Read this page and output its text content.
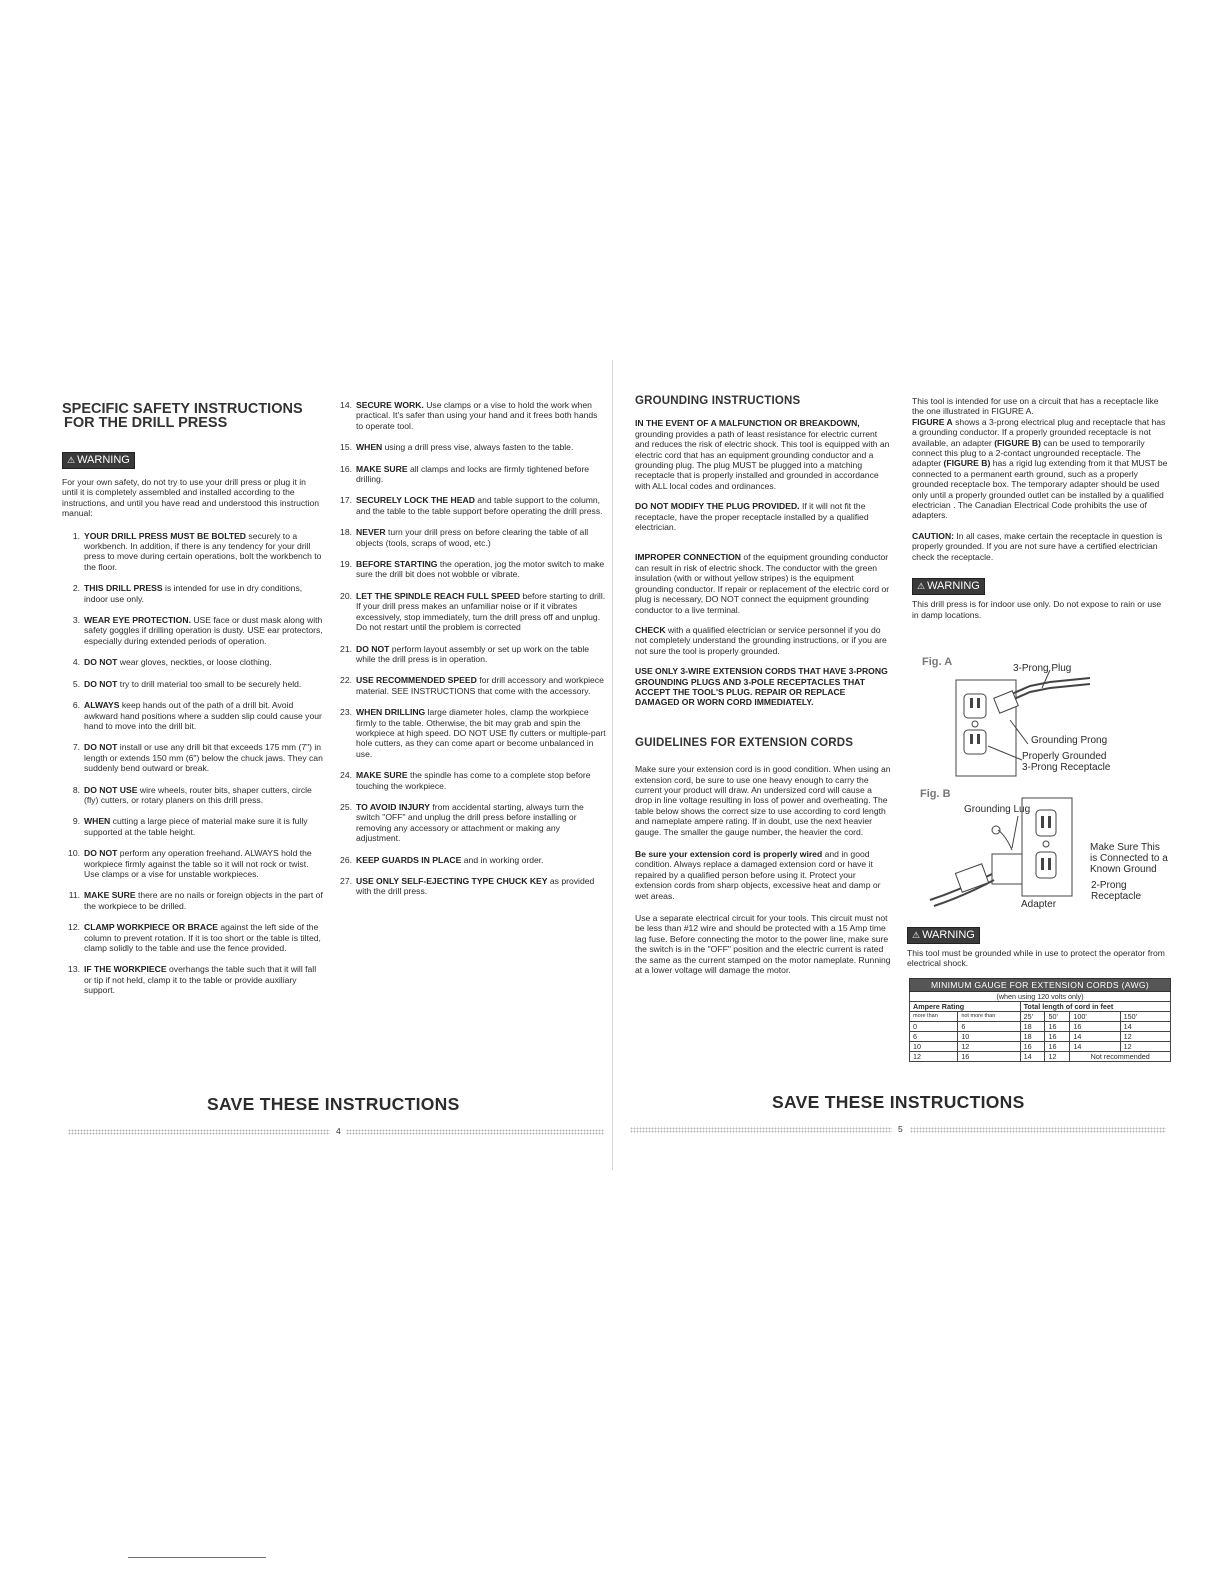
SPECIFIC SAFETY INSTRUCTIONS
FOR THE DRILL PRESS
⚠ WARNING

For your own safety, do not try to use your drill press or plug it in until it is completely assembled and installed according to the instructions, and until you have read and understood this instruction manual:

1. YOUR DRILL PRESS MUST BE BOLTED securely to a workbench. In addition, if there is any tendency for your drill press to move during certain operations, bolt the workbench to the floor.
2. THIS DRILL PRESS is intended for use in dry conditions, indoor use only.
3. WEAR EYE PROTECTION. USE face or dust mask along with safety goggles if drilling operation is dusty. USE ear protectors, especially during extended periods of operation.
4. DO NOT wear gloves, neckties, or loose clothing.
5. DO NOT try to drill material too small to be securely held.
6. ALWAYS keep hands out of the path of a drill bit. Avoid awkward hand positions where a sudden slip could cause your hand to move into the drill bit.
7. DO NOT install or use any drill bit that exceeds 175 mm (7") in length or extends 150 mm (6") below the chuck jaws. They can suddenly bend outward or break.
8. DO NOT USE wire wheels, router bits, shaper cutters, circle (fly) cutters, or rotary planers on this drill press.
9. WHEN cutting a large piece of material make sure it is fully supported at the table height.
10. DO NOT perform any operation freehand. ALWAYS hold the workpiece firmly against the table so it will not rock or twist. Use clamps or a vise for unstable workpieces.
11. MAKE SURE there are no nails or foreign objects in the part of the workpiece to be drilled.
12. CLAMP WORKPIECE OR BRACE against the left side of the column to prevent rotation. If it is too short or the table is tilted, clamp solidly to the table and use the fence provided.
13. IF THE WORKPIECE overhangs the table such that it will fall or tip if not held, clamp it to the table or provide auxiliary support.
14. SECURE WORK. Use clamps or a vise to hold the work when practical. It's safer than using your hand and it frees both hands to operate tool.
15. WHEN using a drill press vise, always fasten to the table.
16. MAKE SURE all clamps and locks are firmly tightened before drilling.
17. SECURELY LOCK THE HEAD and table support to the column, and the table to the table support before operating the drill press.
18. NEVER turn your drill press on before clearing the table of all objects (tools, scraps of wood, etc.)
19. BEFORE STARTING the operation, jog the motor switch to make sure the drill bit does not wobble or vibrate.
20. LET THE SPINDLE REACH FULL SPEED before starting to drill. If your drill press makes an unfamiliar noise or if it vibrates excessively, stop immediately, turn the drill press off and unplug. Do not restart until the problem is corrected
21. DO NOT perform layout assembly or set up work on the table while the drill press is in operation.
22. USE RECOMMENDED SPEED for drill accessory and workpiece material. SEE INSTRUCTIONS that come with the accessory.
23. WHEN DRILLING large diameter holes, clamp the workpiece firmly to the table. Otherwise, the bit may grab and spin the workpiece at high speed. DO NOT USE fly cutters or multiple-part hole cutters, as they can come apart or become unbalanced in use.
24. MAKE SURE the spindle has come to a complete stop before touching the workpiece.
25. TO AVOID INJURY from accidental starting, always turn the switch "OFF" and unplug the drill press before installing or removing any accessory or attachment or making any adjustment.
26. KEEP GUARDS IN PLACE and in working order.
27. USE ONLY SELF-EJECTING TYPE CHUCK KEY as provided with the drill press.
SAVE THESE INSTRUCTIONS
4
GROUNDING INSTRUCTIONS

IN THE EVENT OF A MALFUNCTION OR BREAKDOWN, grounding provides a path of least resistance for electric current and reduces the risk of electric shock. This tool is equipped with an electric cord that has an equipment grounding conductor and a grounding plug. The plug MUST be plugged into a matching receptacle that is properly installed and grounded in accordance with ALL local codes and ordinances.

DO NOT MODIFY THE PLUG PROVIDED. If it will not fit the receptacle, have the proper receptacle installed by a qualified electrician.

IMPROPER CONNECTION of the equipment grounding conductor can result in risk of electric shock. The conductor with the green insulation (with or without yellow stripes) is the equipment grounding conductor. If repair or replacement of the electric cord or plug is necessary, DO NOT connect the equipment grounding conductor to a live terminal.

CHECK with a qualified electrician or service personnel if you do not completely understand the grounding instructions, or if you are not sure the tool is properly grounded.

USE ONLY 3-WIRE EXTENSION CORDS THAT HAVE 3-PRONG GROUNDING PLUGS AND 3-POLE RECEPTACLES THAT ACCEPT THE TOOL'S PLUG. REPAIR OR REPLACE DAMAGED OR WORN CORD IMMEDIATELY.

GUIDELINES FOR EXTENSION CORDS

Make sure your extension cord is in good condition. When using an extension cord, be sure to use one heavy enough to carry the current your product will draw. An undersized cord will cause a drop in line voltage resulting in loss of power and overheating. The table below shows the correct size to use according to cord length and nameplate ampere rating. If in doubt, use the next heavier gauge. The smaller the gauge number, the heavier the cord.

Be sure your extension cord is properly wired and in good condition. Always replace a damaged extension cord or have it repaired by a qualified person before using it. Protect your extension cords from sharp objects, excessive heat and damp or wet areas.

Use a separate electrical circuit for your tools. This circuit must not be less than #12 wire and should be protected with a 15 Amp time lag fuse. Before connecting the motor to the power line, make sure the switch is in the "OFF" position and the electric current is rated the same as the current stamped on the motor nameplate. Running at a lower voltage will damage the motor.

This tool is intended for use on a circuit that has a receptacle like the one illustrated in FIGURE A.

FIGURE A shows a 3-prong electrical plug and receptacle that has a grounding conductor. If a properly grounded receptacle is not available, an adapter (FIGURE B) can be used to temporarily connect this plug to a 2-contact ungrounded receptacle. The adapter (FIGURE B) has a rigid lug extending from it that MUST be connected to a permanent earth ground, such as a properly grounded receptacle box. The temporary adapter should be used only until a properly grounded outlet can be installed by a qualified electrician . The Canadian Electrical Code prohibits the use of adapters.

CAUTION: In all cases, make certain the receptacle in question is properly grounded. If you are not sure have a certified electrician check the receptacle.

⚠ WARNING

This drill press is for indoor use only. Do not expose to rain or use in damp locations.

Fig. A
3-Prong Plug
Grounding Prong
Properly Grounded
3-Prong Receptacle
Fig. B
Grounding Lug
Make Sure This
is Connected to a
Known Ground
2-Prong
Receptacle
Adapter
⚠ WARNING

This tool must be grounded while in use to protect the operator from electrical shock.

MINIMUM GAUGE FOR EXTENSION CORDS (AWG)
(when using 120 volts only)
Ampere Rating		Total length of cord in feet			
more than	not more than	25'	50'	100'	150'
0	6	18	16	16	14
6	10	18	16	14	12
10	12	16	16	14	12
12	16	14	12	Not recommended	
SAVE THESE INSTRUCTIONS
5
